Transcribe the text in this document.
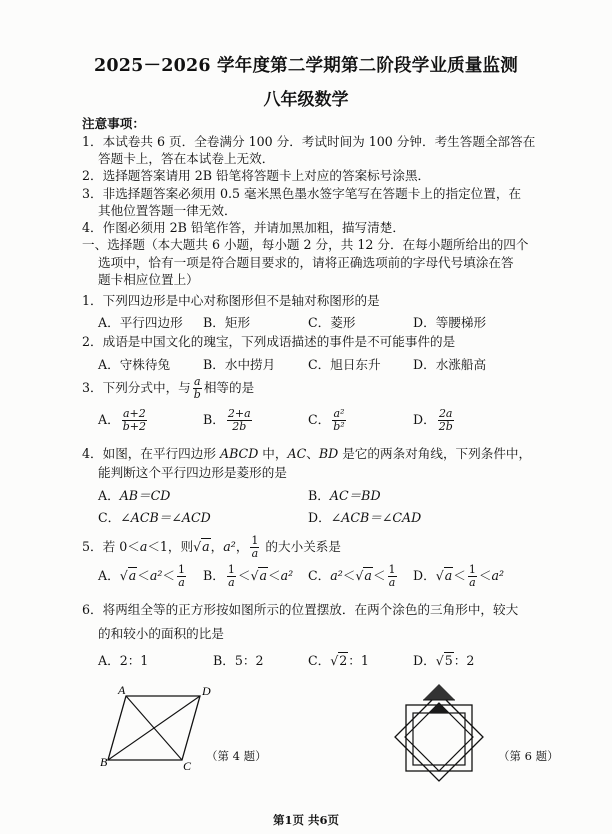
2025－2026 学年度第二学期第二阶段学业质量监测
八年级数学
注意事项：
1．本试卷共 6 页．全卷满分 100 分．考试时间为 100 分钟．考生答题全部答在
答题卡上，答在本试卷上无效．
2．选择题答案请用 2B 铅笔将答题卡上对应的答案标号涂黑．
3．非选择题答案必须用 0.5 毫米黑色墨水签字笔写在答题卡上的指定位置，在
其他位置答题一律无效．
4．作图必须用 2B 铅笔作答，并请加黑加粗，描写清楚．
一、选择题（本大题共 6 小题，每小题 2 分，共 12 分．在每小题所给出的四个
选项中，恰有一项是符合题目要求的，请将正确选项前的字母代号填涂在答
题卡相应位置上）
1．下列四边形是中心对称图形但不是轴对称图形的是
A．平行四边形 B．矩形	C．菱形	D．等腰梯形
2．成语是中国文化的瑰宝，下列成语描述的事件是不可能事件的是
A．守株待兔	B．水中捞月	C．旭日东升	D．水涨船高
3．下列分式中，与 $\frac{a}{b}$ 相等的是
A． $\frac{a+2}{b+2}$	B． $\frac{2+a}{2b}$	C． $\frac{\text{a²}}{\text{b²}}$	D． $\frac{2a}{2b}$
4．如图，在平行四边形 ABCD 中，AC、BD 是它的两条对角线，下列条件中，
能判断这个平行四边形是菱形的是
A．AB＝CD	B．AC＝BD
C．∠ACB＝∠ACD	D．∠ACB＝∠CAD
5．若 0＜a＜1，则√a，a²， $\frac{1}{a}$ 的大小关系是
A．$√a<a^2< \frac{1}{a}$ B． $\frac{1}{a} <√a<a^2$ C．$a^2<√a< \frac{1}{a}$ D．$√a< \frac{1}{a} <a^2$
6．将两组全等的正方形按如图所示的位置摆放．在两个涂色的三角形中，较大
的和较小的面积的比是
A．2：1	B．5：2	C．√2：1	D．√5：2
A	D
B	C
（第 4 题）	（第 6 题）
第1页 共6页
